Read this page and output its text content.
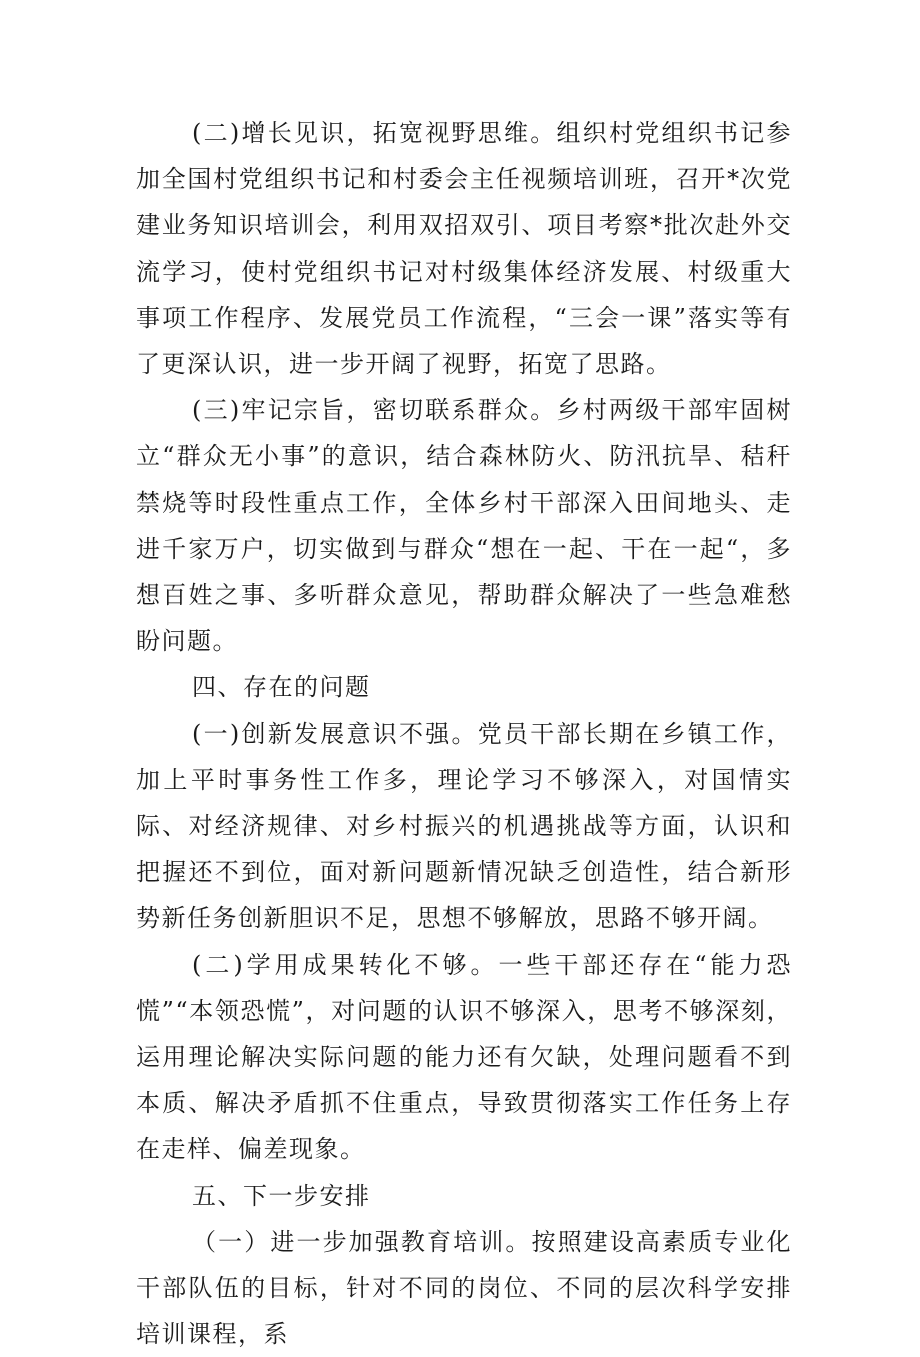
(二)增长见识，拓宽视野思维。组织村党组织书记参加全国村党组织书记和村委会主任视频培训班，召开*次党建业务知识培训会，利用双招双引、项目考察*批次赴外交流学习，使村党组织书记对村级集体经济发展、村级重大事项工作程序、发展党员工作流程，“三会一课”落实等有了更深认识，进一步开阔了视野，拓宽了思路。

(三)牢记宗旨，密切联系群众。乡村两级干部牢固树立“群众无小事”的意识，结合森林防火、防汛抗旱、秸秆禁烧等时段性重点工作，全体乡村干部深入田间地头、走进千家万户，切实做到与群众“想在一起、干在一起“，多想百姓之事、多听群众意见，帮助群众解决了一些急难愁盼问题。

四、存在的问题

(一)创新发展意识不强。党员干部长期在乡镇工作，加上平时事务性工作多，理论学习不够深入，对国情实际、对经济规律、对乡村振兴的机遇挑战等方面，认识和把握还不到位，面对新问题新情况缺乏创造性，结合新形势新任务创新胆识不足，思想不够解放，思路不够开阔。

(二)学用成果转化不够。一些干部还存在“能力恐慌”“本领恐慌”，对问题的认识不够深入，思考不够深刻，运用理论解决实际问题的能力还有欠缺，处理问题看不到本质、解决矛盾抓不住重点，导致贯彻落实工作任务上存在走样、偏差现象。

五、下一步安排

（一）进一步加强教育培训。按照建设高素质专业化干部队伍的目标，针对不同的岗位、不同的层次科学安排培训课程，系
